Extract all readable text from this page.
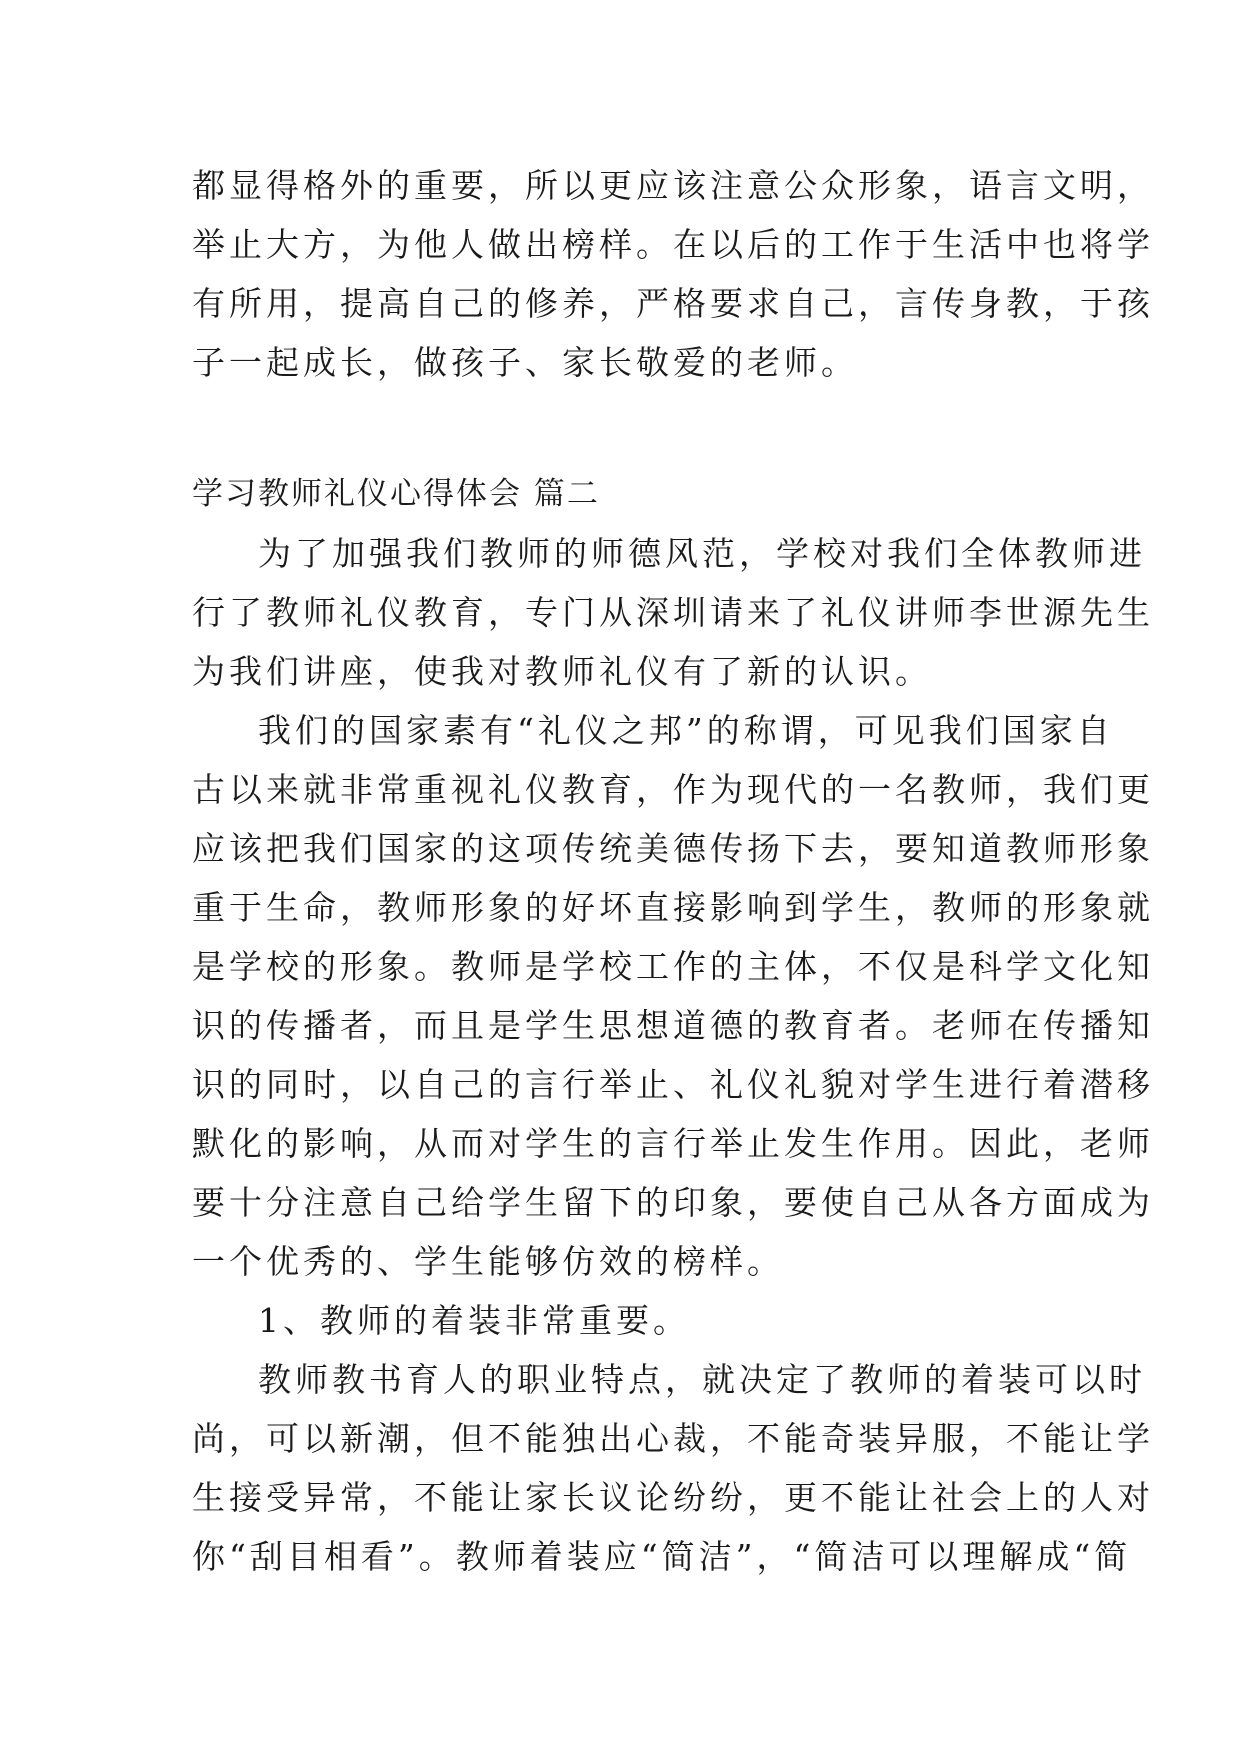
都显得格外的重要，所以更应该注意公众形象，语言文明，
举止大方，为他人做出榜样。在以后的工作于生活中也将学
有所用，提高自己的修养，严格要求自己，言传身教，于孩
子一起成长，做孩子、家长敬爱的老师。
学习教师礼仪心得体会 篇二
为了加强我们教师的师德风范，学校对我们全体教师进
行了教师礼仪教育，专门从深圳请来了礼仪讲师李世源先生
为我们讲座，使我对教师礼仪有了新的认识。
我们的国家素有“礼仪之邦”的称谓，可见我们国家自
古以来就非常重视礼仪教育，作为现代的一名教师，我们更
应该把我们国家的这项传统美德传扬下去，要知道教师形象
重于生命，教师形象的好坏直接影响到学生，教师的形象就
是学校的形象。教师是学校工作的主体，不仅是科学文化知
识的传播者，而且是学生思想道德的教育者。老师在传播知
识的同时，以自己的言行举止、礼仪礼貌对学生进行着潜移
默化的影响，从而对学生的言行举止发生作用。因此，老师
要十分注意自己给学生留下的印象，要使自己从各方面成为
一个优秀的、学生能够仿效的榜样。
1、教师的着装非常重要。
教师教书育人的职业特点，就决定了教师的着装可以时
尚，可以新潮，但不能独出心裁，不能奇装异服，不能让学
生接受异常，不能让家长议论纷纷，更不能让社会上的人对
你“刮目相看”。教师着装应“简洁”，“简洁可以理解成“简
